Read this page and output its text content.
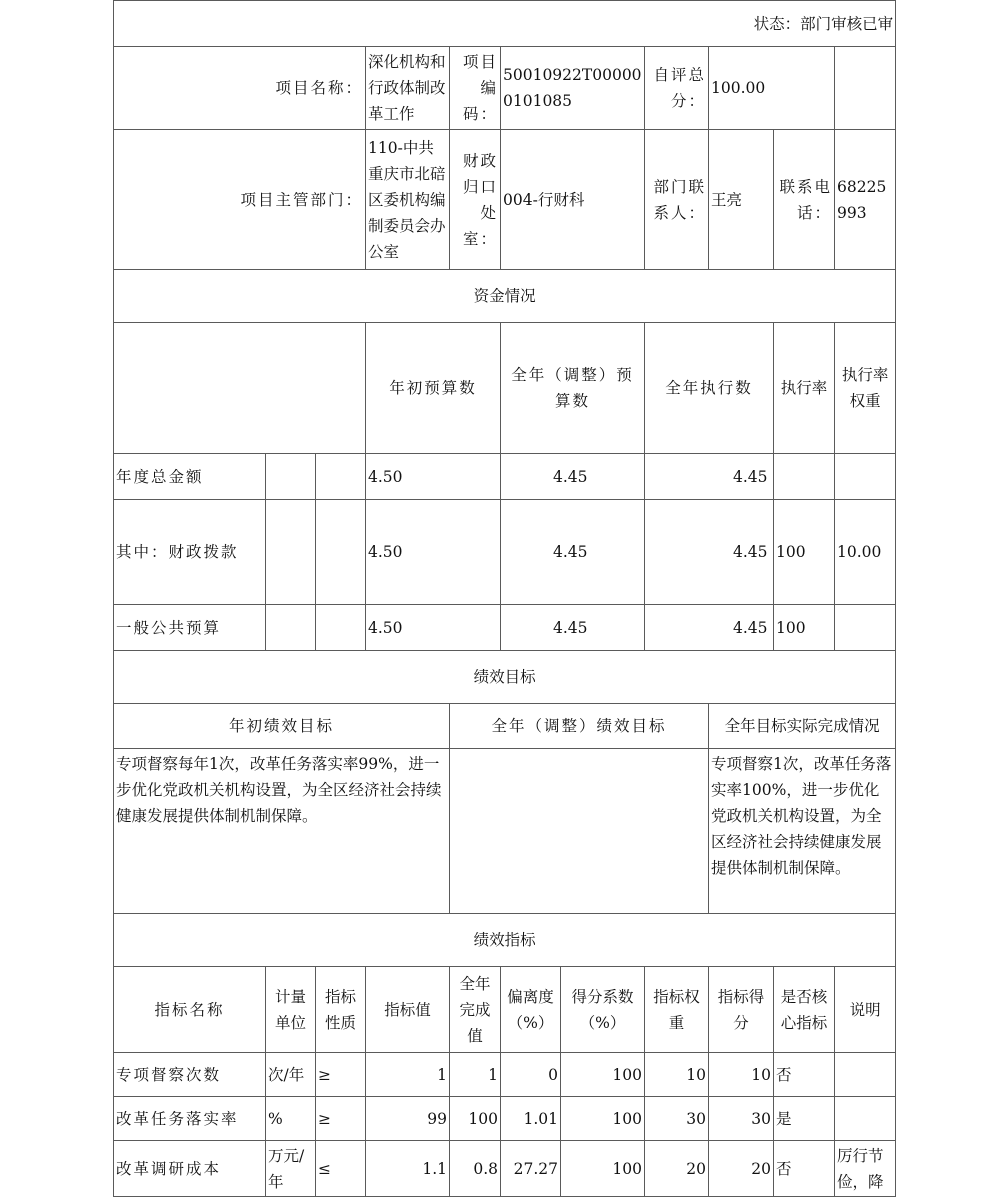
状态：部门审核已审											
项目名称：			深化机构和行政体制改革工作	项目编码：	50010922T000000101085		自评总分：	100.00			
项目主管部门：			110-中共重庆市北碚区委机构编制委员会办公室	财政归口处室：	004-行财科		部门联系人：	王亮	联系电话：	68225993	
资金情况											
			年初预算数		全年（调整）预算数		全年执行数		执行率	执行率权重	
年度总金额			4.50		4.45		4.45				
其中：财政拨款			4.50		4.45		4.45		100	10.00	
一般公共预算			4.50		4.45		4.45		100		
绩效目标											
年初绩效目标				全年（调整）绩效目标				全年目标实际完成情况			
专项督察每年1次，改革任务落实率99%，进一步优化党政机关机构设置，为全区经济社会持续健康发展提供体制机制保障。								专项督察1次，改革任务落实率100%，进一步优化党政机关机构设置，为全区经济社会持续健康发展提供体制机制保障。			
绩效指标											
指标名称	计量单位	指标性质	指标值	全年完成值	偏离度（%）	得分系数（%）	指标权重	指标得分	是否核心指标	说明	
专项督察次数	次/年	≥	1	1	0	100	10	10	否		
改革任务落实率	%	≥	99	100	1.01	100	30	30	是		
改革调研成本	万元/年	≤	1.1	0.8	27.27	100	20	20	否	厉行节俭，降	
